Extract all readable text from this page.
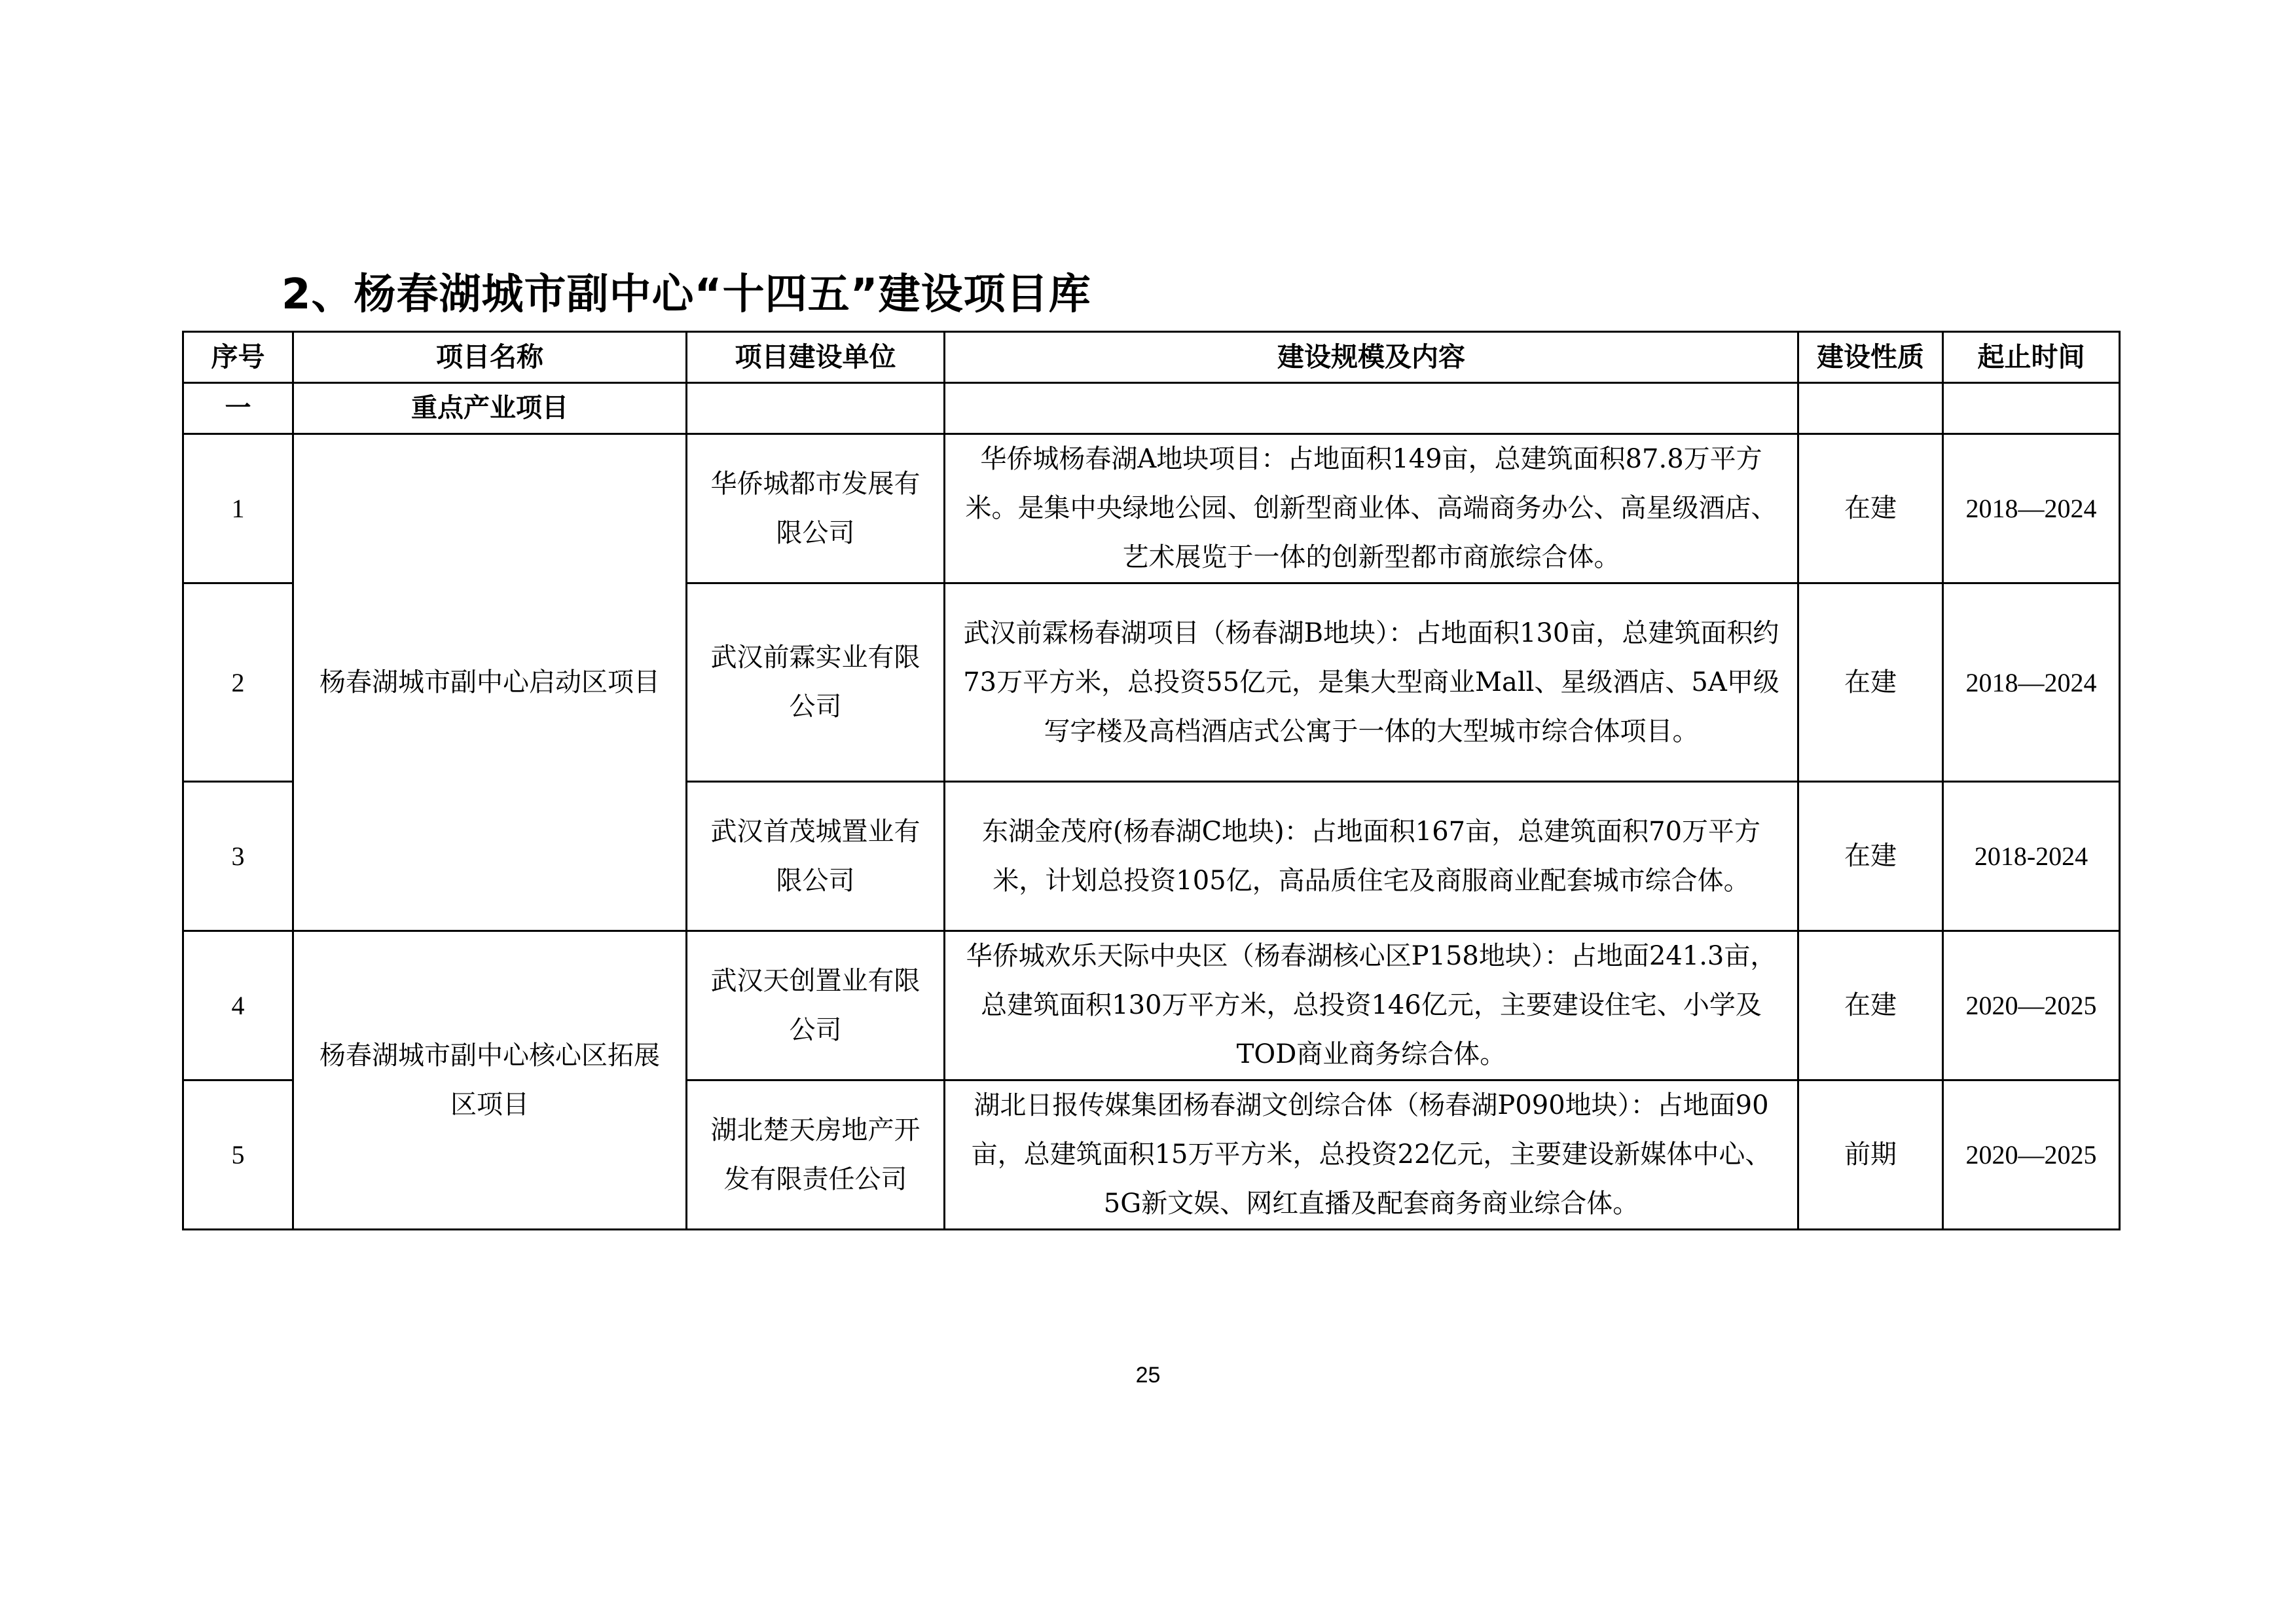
2、杨春湖城市副中心“十四五”建设项目库
序号	项目名称	项目建设单位	建设规模及内容	建设性质	起止时间
一	重点产业项目				
1	杨春湖城市副中心启动区项目	华侨城都市发展有限公司	华侨城杨春湖A地块项目：占地面积149亩，总建筑面积87.8万平方米。是集中央绿地公园、创新型商业体、高端商务办公、高星级酒店、艺术展览于一体的创新型都市商旅综合体。	在建	2018—2024
2		武汉前霖实业有限公司	武汉前霖杨春湖项目（杨春湖B地块）：占地面积130亩，总建筑面积约73万平方米，总投资55亿元，是集大型商业Mall、星级酒店、5A甲级写字楼及高档酒店式公寓于一体的大型城市综合体项目。	在建	2018—2024
3		武汉首茂城置业有限公司	东湖金茂府(杨春湖C地块)：占地面积167亩，总建筑面积70万平方米，计划总投资105亿，高品质住宅及商服商业配套城市综合体。	在建	2018-2024
4	杨春湖城市副中心核心区拓展区项目	武汉天创置业有限公司	华侨城欢乐天际中央区（杨春湖核心区P158地块）：占地面241.3亩，总建筑面积130万平方米，总投资146亿元，主要建设住宅、小学及TOD商业商务综合体。	在建	2020—2025
5		湖北楚天房地产开发有限责任公司	湖北日报传媒集团杨春湖文创综合体（杨春湖P090地块）：占地面90亩，总建筑面积15万平方米，总投资22亿元，主要建设新媒体中心、5G新文娱、网红直播及配套商务商业综合体。	前期	2020—2025
25
